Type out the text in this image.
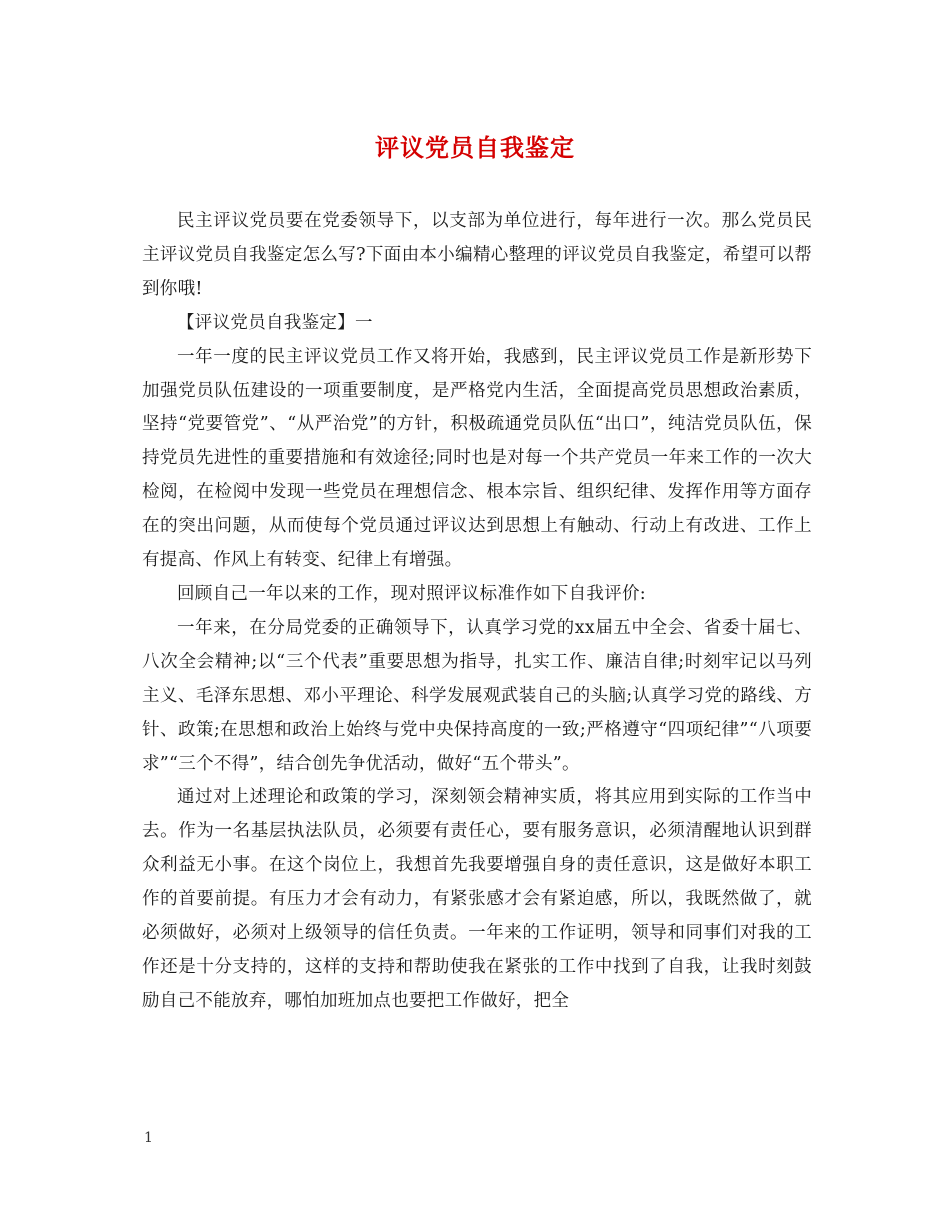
评议党员自我鉴定

民主评议党员要在党委领导下，以支部为单位进行，每年进行一次。那么党员民主评议党员自我鉴定怎么写?下面由本小编精心整理的评议党员自我鉴定，希望可以帮到你哦!

【评议党员自我鉴定】一

一年一度的民主评议党员工作又将开始，我感到，民主评议党员工作是新形势下加强党员队伍建设的一项重要制度，是严格党内生活，全面提高党员思想政治素质，坚持“党要管党”、“从严治党”的方针，积极疏通党员队伍“出口”，纯洁党员队伍，保持党员先进性的重要措施和有效途径;同时也是对每一个共产党员一年来工作的一次大检阅，在检阅中发现一些党员在理想信念、根本宗旨、组织纪律、发挥作用等方面存在的突出问题，从而使每个党员通过评议达到思想上有触动、行动上有改进、工作上有提高、作风上有转变、纪律上有增强。

回顾自己一年以来的工作，现对照评议标准作如下自我评价:

一年来，在分局党委的正确领导下，认真学习党的xx届五中全会、省委十届七、八次全会精神;以“三个代表”重要思想为指导，扎实工作、廉洁自律;时刻牢记以马列主义、毛泽东思想、邓小平理论、科学发展观武装自己的头脑;认真学习党的路线、方针、政策;在思想和政治上始终与党中央保持高度的一致;严格遵守“四项纪律”“八项要求”“三个不得”，结合创先争优活动，做好“五个带头”。

通过对上述理论和政策的学习，深刻领会精神实质，将其应用到实际的工作当中去。作为一名基层执法队员，必须要有责任心，要有服务意识，必须清醒地认识到群众利益无小事。在这个岗位上，我想首先我要增强自身的责任意识，这是做好本职工作的首要前提。有压力才会有动力，有紧张感才会有紧迫感，所以，我既然做了，就必须做好，必须对上级领导的信任负责。一年来的工作证明，领导和同事们对我的工作还是十分支持的，这样的支持和帮助使我在紧张的工作中找到了自我，让我时刻鼓励自己不能放弃，哪怕加班加点也要把工作做好，把全

1
